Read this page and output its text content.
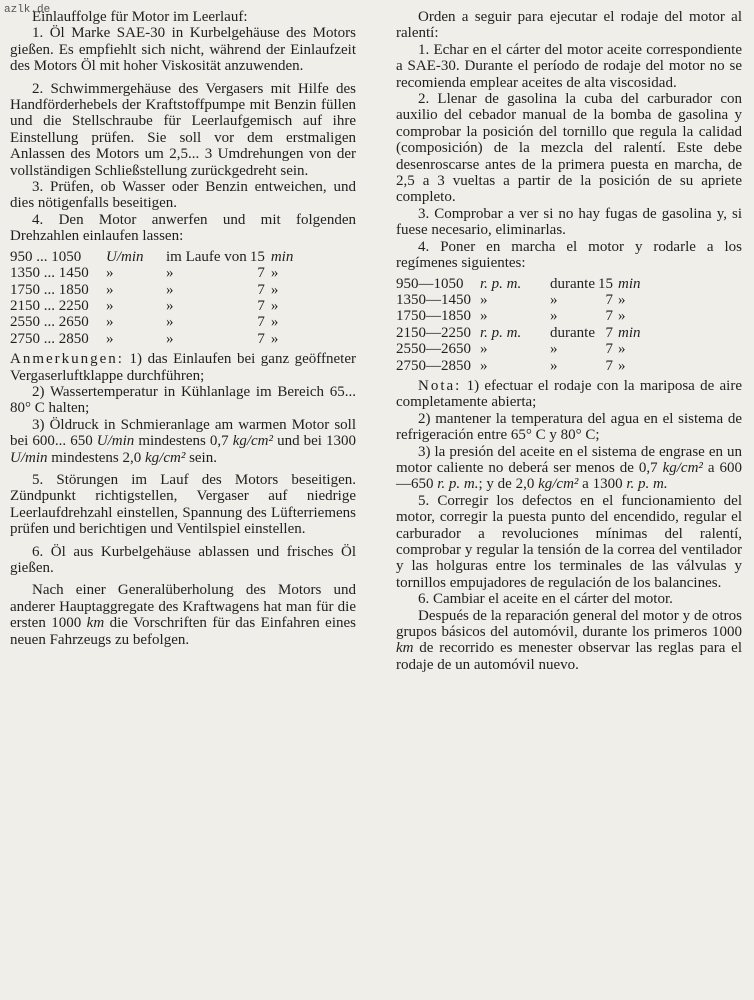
azlk.de

Einlauffolge für Motor im Leerlauf:

1. Öl Marke SAE-30 in Kurbelgehäuse des Motors gießen. Es empfiehlt sich nicht, während der Einlaufzeit des Motors Öl mit hoher Viskosität anzuwenden.

2. Schwimmergehäuse des Vergasers mit Hilfe des Handförderhebels der Kraftstoffpumpe mit Benzin füllen und die Stellschraube für Leerlaufgemisch auf ihre Einstellung prüfen. Sie soll vor dem erstmaligen Anlassen des Motors um 2,5... 3 Umdrehungen von der vollständigen Schließstellung zurückgedreht sein.

3. Prüfen, ob Wasser oder Benzin entweichen, und dies nötigenfalls beseitigen.

4. Den Motor anwerfen und mit folgenden Drehzahlen einlaufen lassen:

950 ... 1050	U/min	im Laufe von	15	min
1350 ... 1450	»	»	7	»
1750 ... 1850	»	»	7	»
2150 ... 2250	»	»	7	»
2550 ... 2650	»	»	7	»
2750 ... 2850	»	»	7	»

Anmerkungen: 1) das Einlaufen bei ganz geöffneter Vergaserluftklappe durchführen;

2) Wassertemperatur in Kühlanlage im Bereich 65... 80° C halten;

3) Öldruck in Schmieranlage am warmen Motor soll bei 600... 650 U/min mindestens 0,7 kg/cm² und bei 1300 U/min mindestens 2,0 kg/cm² sein.

5. Störungen im Lauf des Motors beseitigen. Zündpunkt richtigstellen, Vergaser auf niedrige Leerlaufdrehzahl einstellen, Spannung des Lüfterriemens prüfen und berichtigen und Ventilspiel einstellen.

6. Öl aus Kurbelgehäuse ablassen und frisches Öl gießen.

Nach einer Generalüberholung des Motors und anderer Hauptaggregate des Kraftwagens hat man für die ersten 1000 km die Vorschriften für das Einfahren eines neuen Fahrzeugs zu befolgen.

Orden a seguir para ejecutar el rodaje del motor al ralentí:

1. Echar en el cárter del motor aceite correspondiente a SAE-30. Durante el período de rodaje del motor no se recomienda emplear aceites de alta viscosidad.

2. Llenar de gasolina la cuba del carburador con auxilio del cebador manual de la bomba de gasolina y comprobar la posición del tornillo que regula la calidad (composición) de la mezcla del ralentí. Este debe desenroscarse antes de la primera puesta en marcha, de 2,5 a 3 vueltas a partir de la posición de su apriete completo.

3. Comprobar a ver si no hay fugas de gasolina y, si fuese necesario, eliminarlas.

4. Poner en marcha el motor y rodarle a los regímenes siguientes:

950—1050	r. p. m.	durante	15	min
1350—1450	»	»	7	»
1750—1850	»	»	7	»
2150—2250	r. p. m.	durante	7	min
2550—2650	»	»	7	»
2750—2850	»	»	7	»

Nota: 1) efectuar el rodaje con la mariposa de aire completamente abierta;

2) mantener la temperatura del agua en el sistema de refrigeración entre 65° C y 80° C;

3) la presión del aceite en el sistema de engrase en un motor caliente no deberá ser menos de 0,7 kg/cm² a 600—650 r. p. m.; y de 2,0 kg/cm² a 1300 r. p. m.

5. Corregir los defectos en el funcionamiento del motor, corregir la puesta punto del encendido, regular el carburador a revoluciones mínimas del ralentí, comprobar y regular la tensión de la correa del ventilador y las holguras entre los terminales de las válvulas y tornillos empujadores de regulación de los balancines.

6. Cambiar el aceite en el cárter del motor.

Después de la reparación general del motor y de otros grupos básicos del automóvil, durante los primeros 1000 km de recorrido es menester observar las reglas para el rodaje de un automóvil nuevo.
